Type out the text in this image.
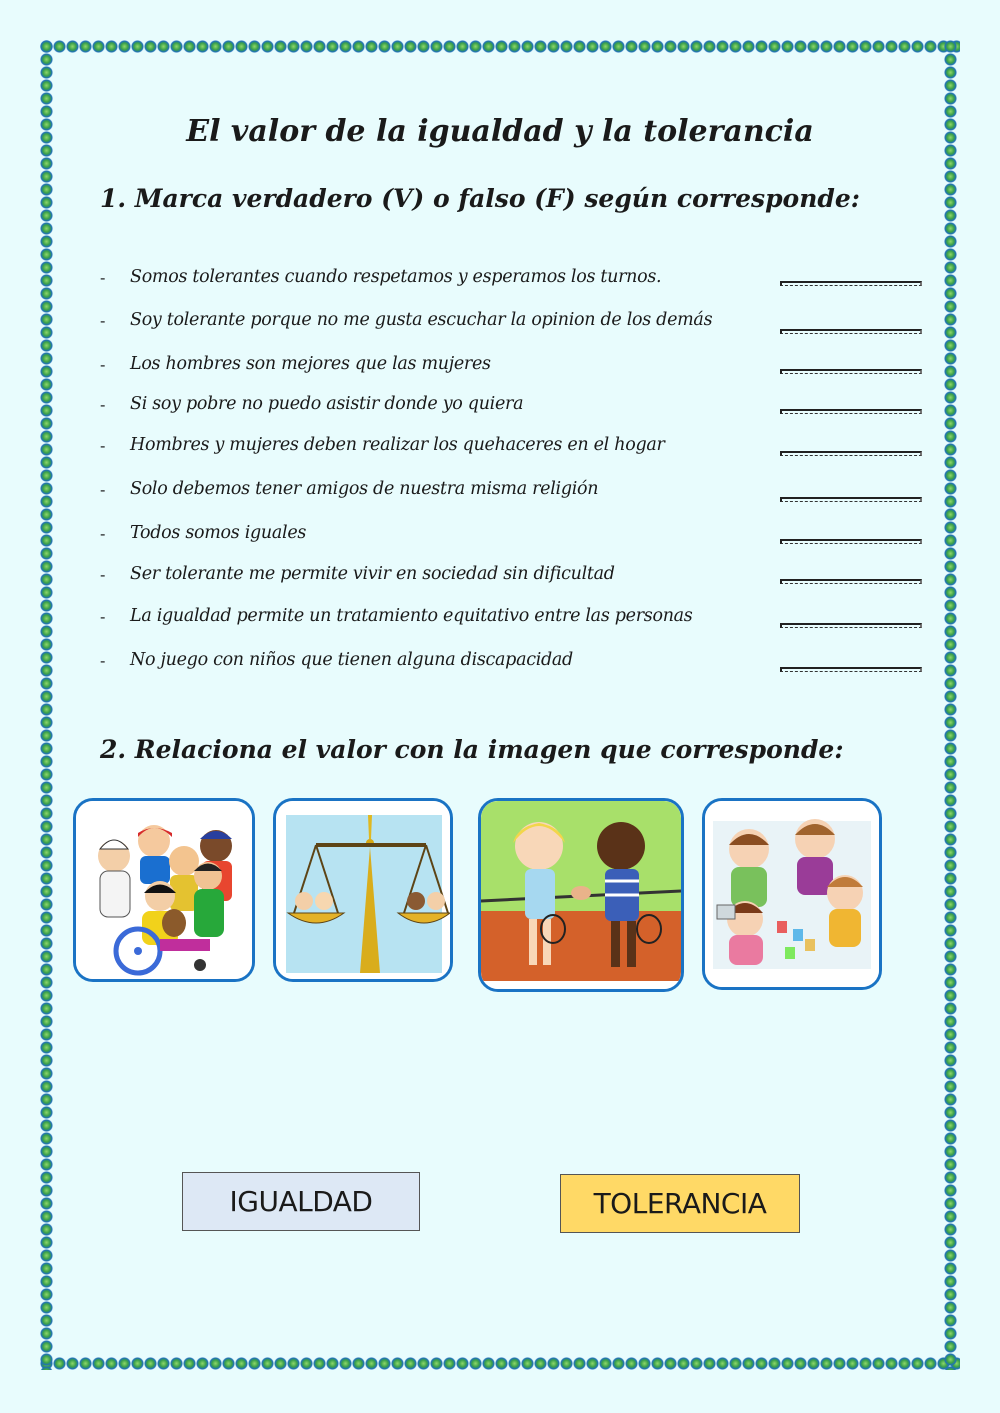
El valor de la igualdad y la tolerancia
1. Marca verdadero (V) o falso (F) según corresponde:
-	Somos tolerantes cuando respetamos y esperamos los turnos.
-	Soy tolerante porque no me gusta escuchar la opinion de los demás
-	Los hombres son mejores que las mujeres
-	Si soy pobre no puedo asistir donde yo quiera
-	Hombres y mujeres deben realizar los quehaceres en el hogar
-	Solo debemos tener amigos de nuestra misma religión
-	Todos somos iguales
-	Ser tolerante me permite vivir en sociedad sin dificultad
-	La igualdad permite un tratamiento equitativo entre las personas
-	No juego con niños que tienen alguna discapacidad
2. Relaciona el valor con la imagen que corresponde:
IGUALDAD	TOLERANCIA
